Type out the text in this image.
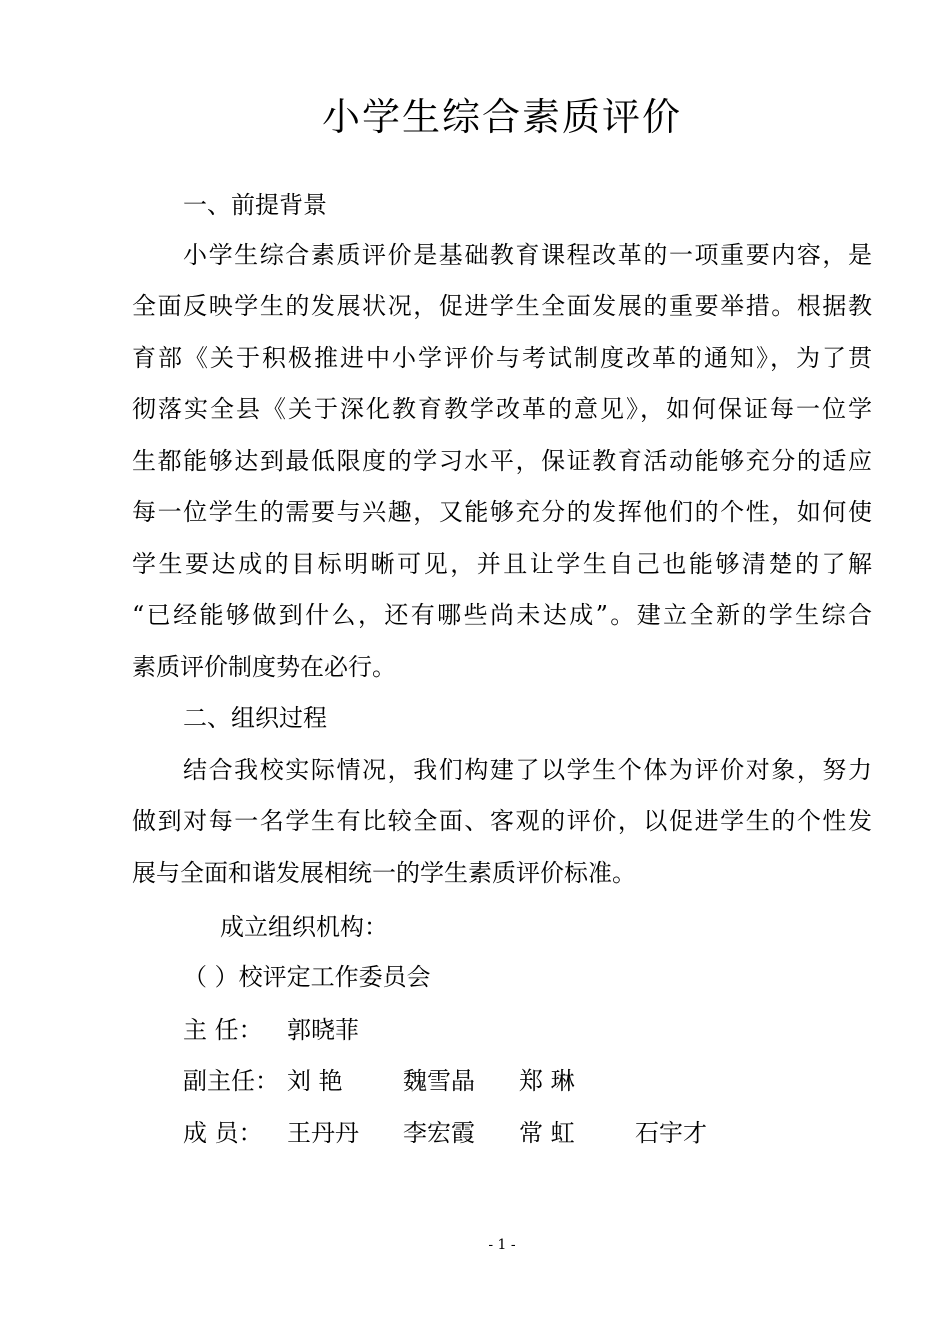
小学生综合素质评价
一、前提背景
小学生综合素质评价是基础教育课程改革的一项重要内容，是
全面反映学生的发展状况，促进学生全面发展的重要举措。根据教
育部《关于积极推进中小学评价与考试制度改革的通知》，为了贯
彻落实全县《关于深化教育教学改革的意见》，如何保证每一位学
生都能够达到最低限度的学习水平，保证教育活动能够充分的适应
每一位学生的需要与兴趣，又能够充分的发挥他们的个性，如何使
学生要达成的目标明晰可见，并且让学生自己也能够清楚的了解
“已经能够做到什么，还有哪些尚未达成”。建立全新的学生综合
素质评价制度势在必行。
二、组织过程
结合我校实际情况，我们构建了以学生个体为评价对象，努力
做到对每一名学生有比较全面、客观的评价，以促进学生的个性发
展与全面和谐发展相统一的学生素质评价标准。
成立组织机构：
（ ）校评定工作委员会
主 任： 郭晓菲
副主任： 刘 艳	魏雪晶 郑 琳
成 员： 王丹丹 李宏霞 常 虹	石宇才
- 1 -
